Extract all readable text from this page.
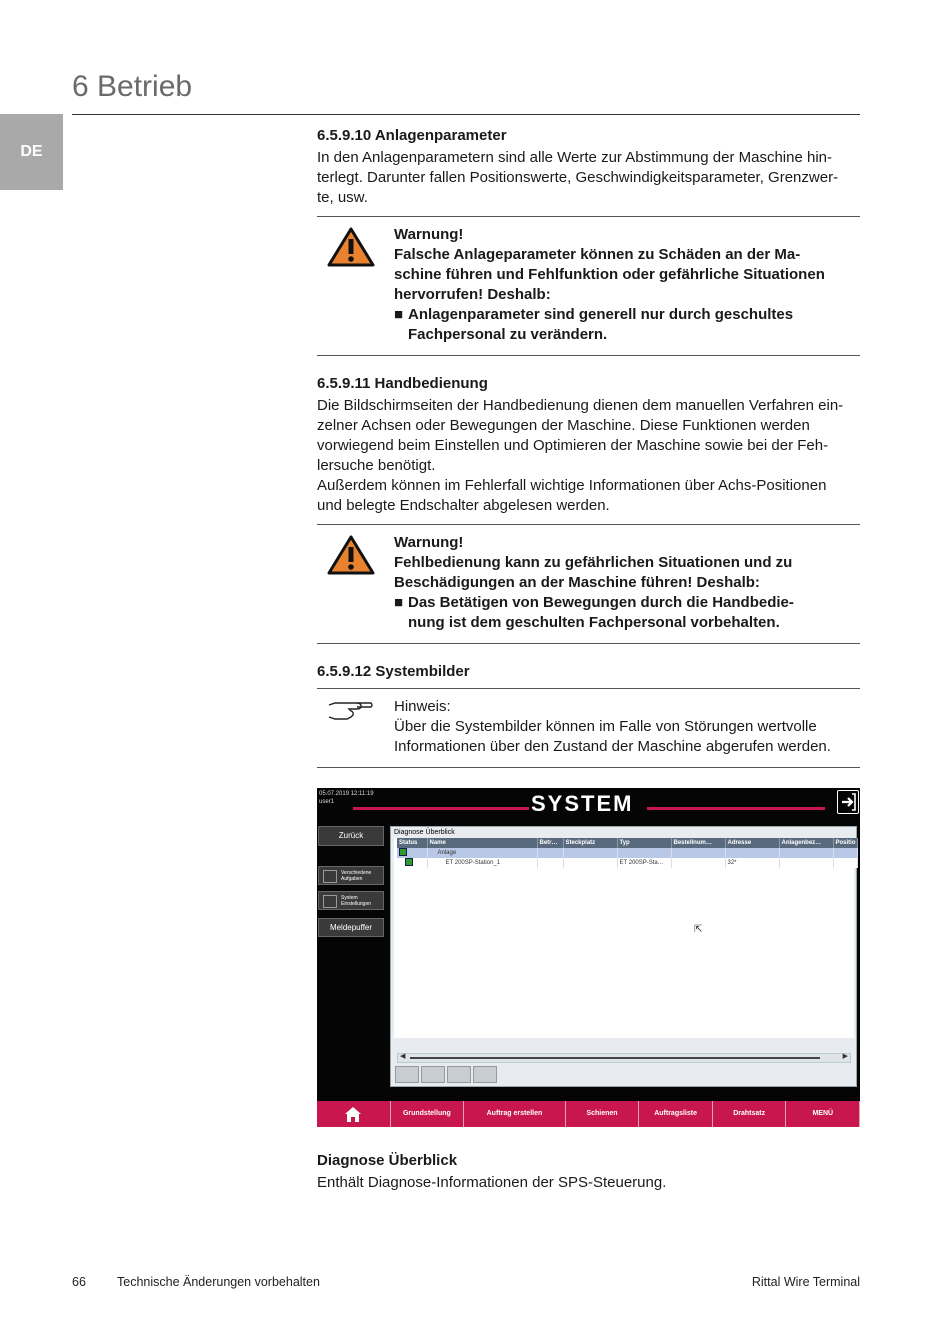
6 Betrieb
DE
6.5.9.10 Anlagenparameter

In den Anlagenparametern sind alle Werte zur Abstimmung der Maschine hin-

terlegt. Darunter fallen Positionswerte, Geschwindigkeitsparameter, Grenzwer-

te, usw.

Warnung!
Falsche Anlageparameter können zu Schäden an der Ma-
schine führen und Fehlfunktion oder gefährliche Situationen
hervorrufen! Deshalb:
■ Anlagenparameter sind generell nur durch geschultes
Fachpersonal zu verändern.
6.5.9.11 Handbedienung

Die Bildschirmseiten der Handbedienung dienen dem manuellen Verfahren ein-

zelner Achsen oder Bewegungen der Maschine. Diese Funktionen werden

vorwiegend beim Einstellen und Optimieren der Maschine sowie bei der Feh-

lersuche benötigt.

Außerdem können im Fehlerfall wichtige Informationen über Achs-Positionen

und belegte Endschalter abgelesen werden.

Warnung!
Fehlbedienung kann zu gefährlichen Situationen und zu
Beschädigungen an der Maschine führen! Deshalb:
■ Das Betätigen von Bewegungen durch die Handbedie-
nung ist dem geschulten Fachpersonal vorbehalten.
6.5.9.12 Systembilder
Hinweis:
Über die Systembilder können im Falle von Störungen wertvolle
Informationen über den Zustand der Maschine abgerufen werden.
05.07.2019 12:11:19
user1	SYSTEM
Zurück
Verschiedene
Aufgaben
System
Einstellungen
Meldepuffer
Diagnose Überblick
Status	Name	Betr…	Steckplatz	Typ	Bestellnum…	Adresse	Anlagenbez…	Positio
	Anlage							
	ET 200SP-Station_1			ET 200SP-Sta…		32*		
⇱
◀	▶
Grundstellung	Auftrag erstellen	Schienen	Auftragsliste	Drahtsatz	MENÜ
Diagnose Überblick

Enthält Diagnose-Informationen der SPS-Steuerung.

66 Technische Änderungen vorbehalten	Rittal Wire Terminal
